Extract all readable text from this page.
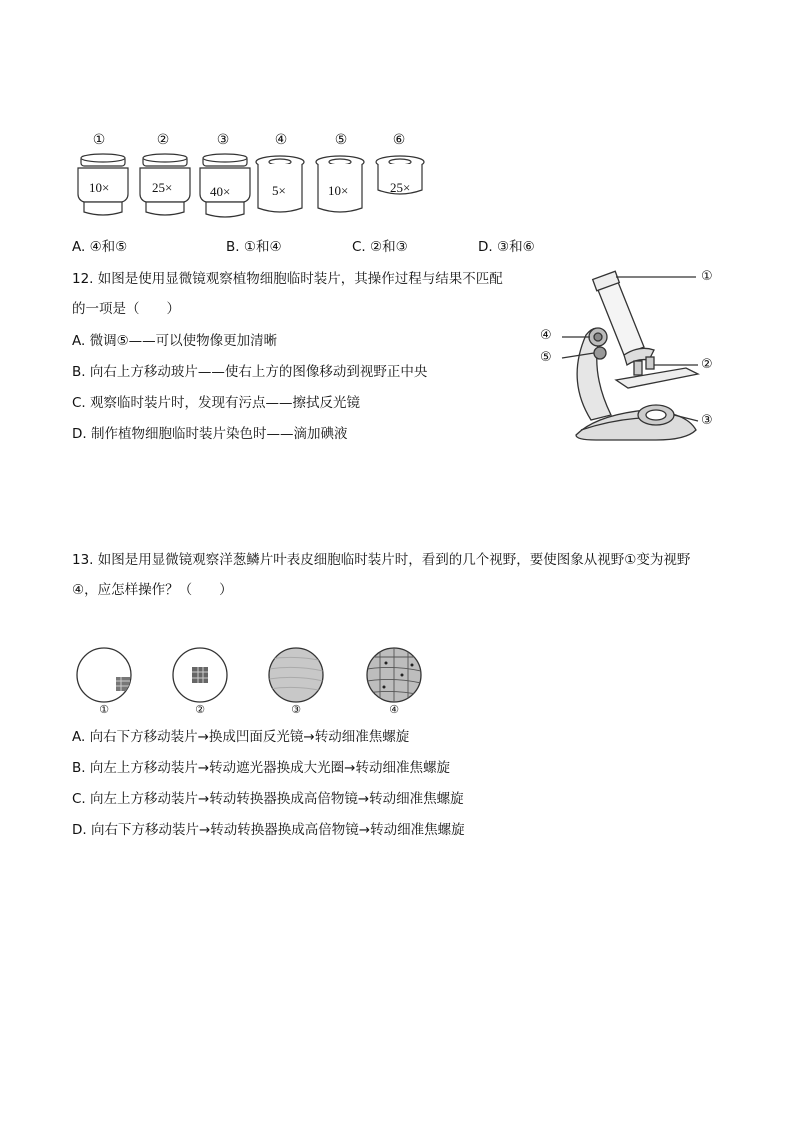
①	②	③	④	⑤	⑥
10×	25×	40×	5×	10×	25×
A. ④和⑤	B. ①和④	C. ②和③	D. ③和⑥
12. 如图是使用显微镜观察植物细胞临时装片，其操作过程与结果不匹配
的一项是（　　）
A. 微调⑤——可以使物像更加清晰
B. 向右上方移动玻片——使右上方的图像移动到视野正中央
C. 观察临时装片时，发现有污点——擦拭反光镜
D. 制作植物细胞临时装片染色时——滴加碘液
①
②
③
④
⑤
13. 如图是用显微镜观察洋葱鳞片叶表皮细胞临时装片时，看到的几个视野，要使图象从视野①变为视野
④，应怎样操作？（　　）
①	②	③	④
A. 向右下方移动装片→换成凹面反光镜→转动细准焦螺旋
B. 向左上方移动装片→转动遮光器换成大光圈→转动细准焦螺旋
C. 向左上方移动装片→转动转换器换成高倍物镜→转动细准焦螺旋
D. 向右下方移动装片→转动转换器换成高倍物镜→转动细准焦螺旋
